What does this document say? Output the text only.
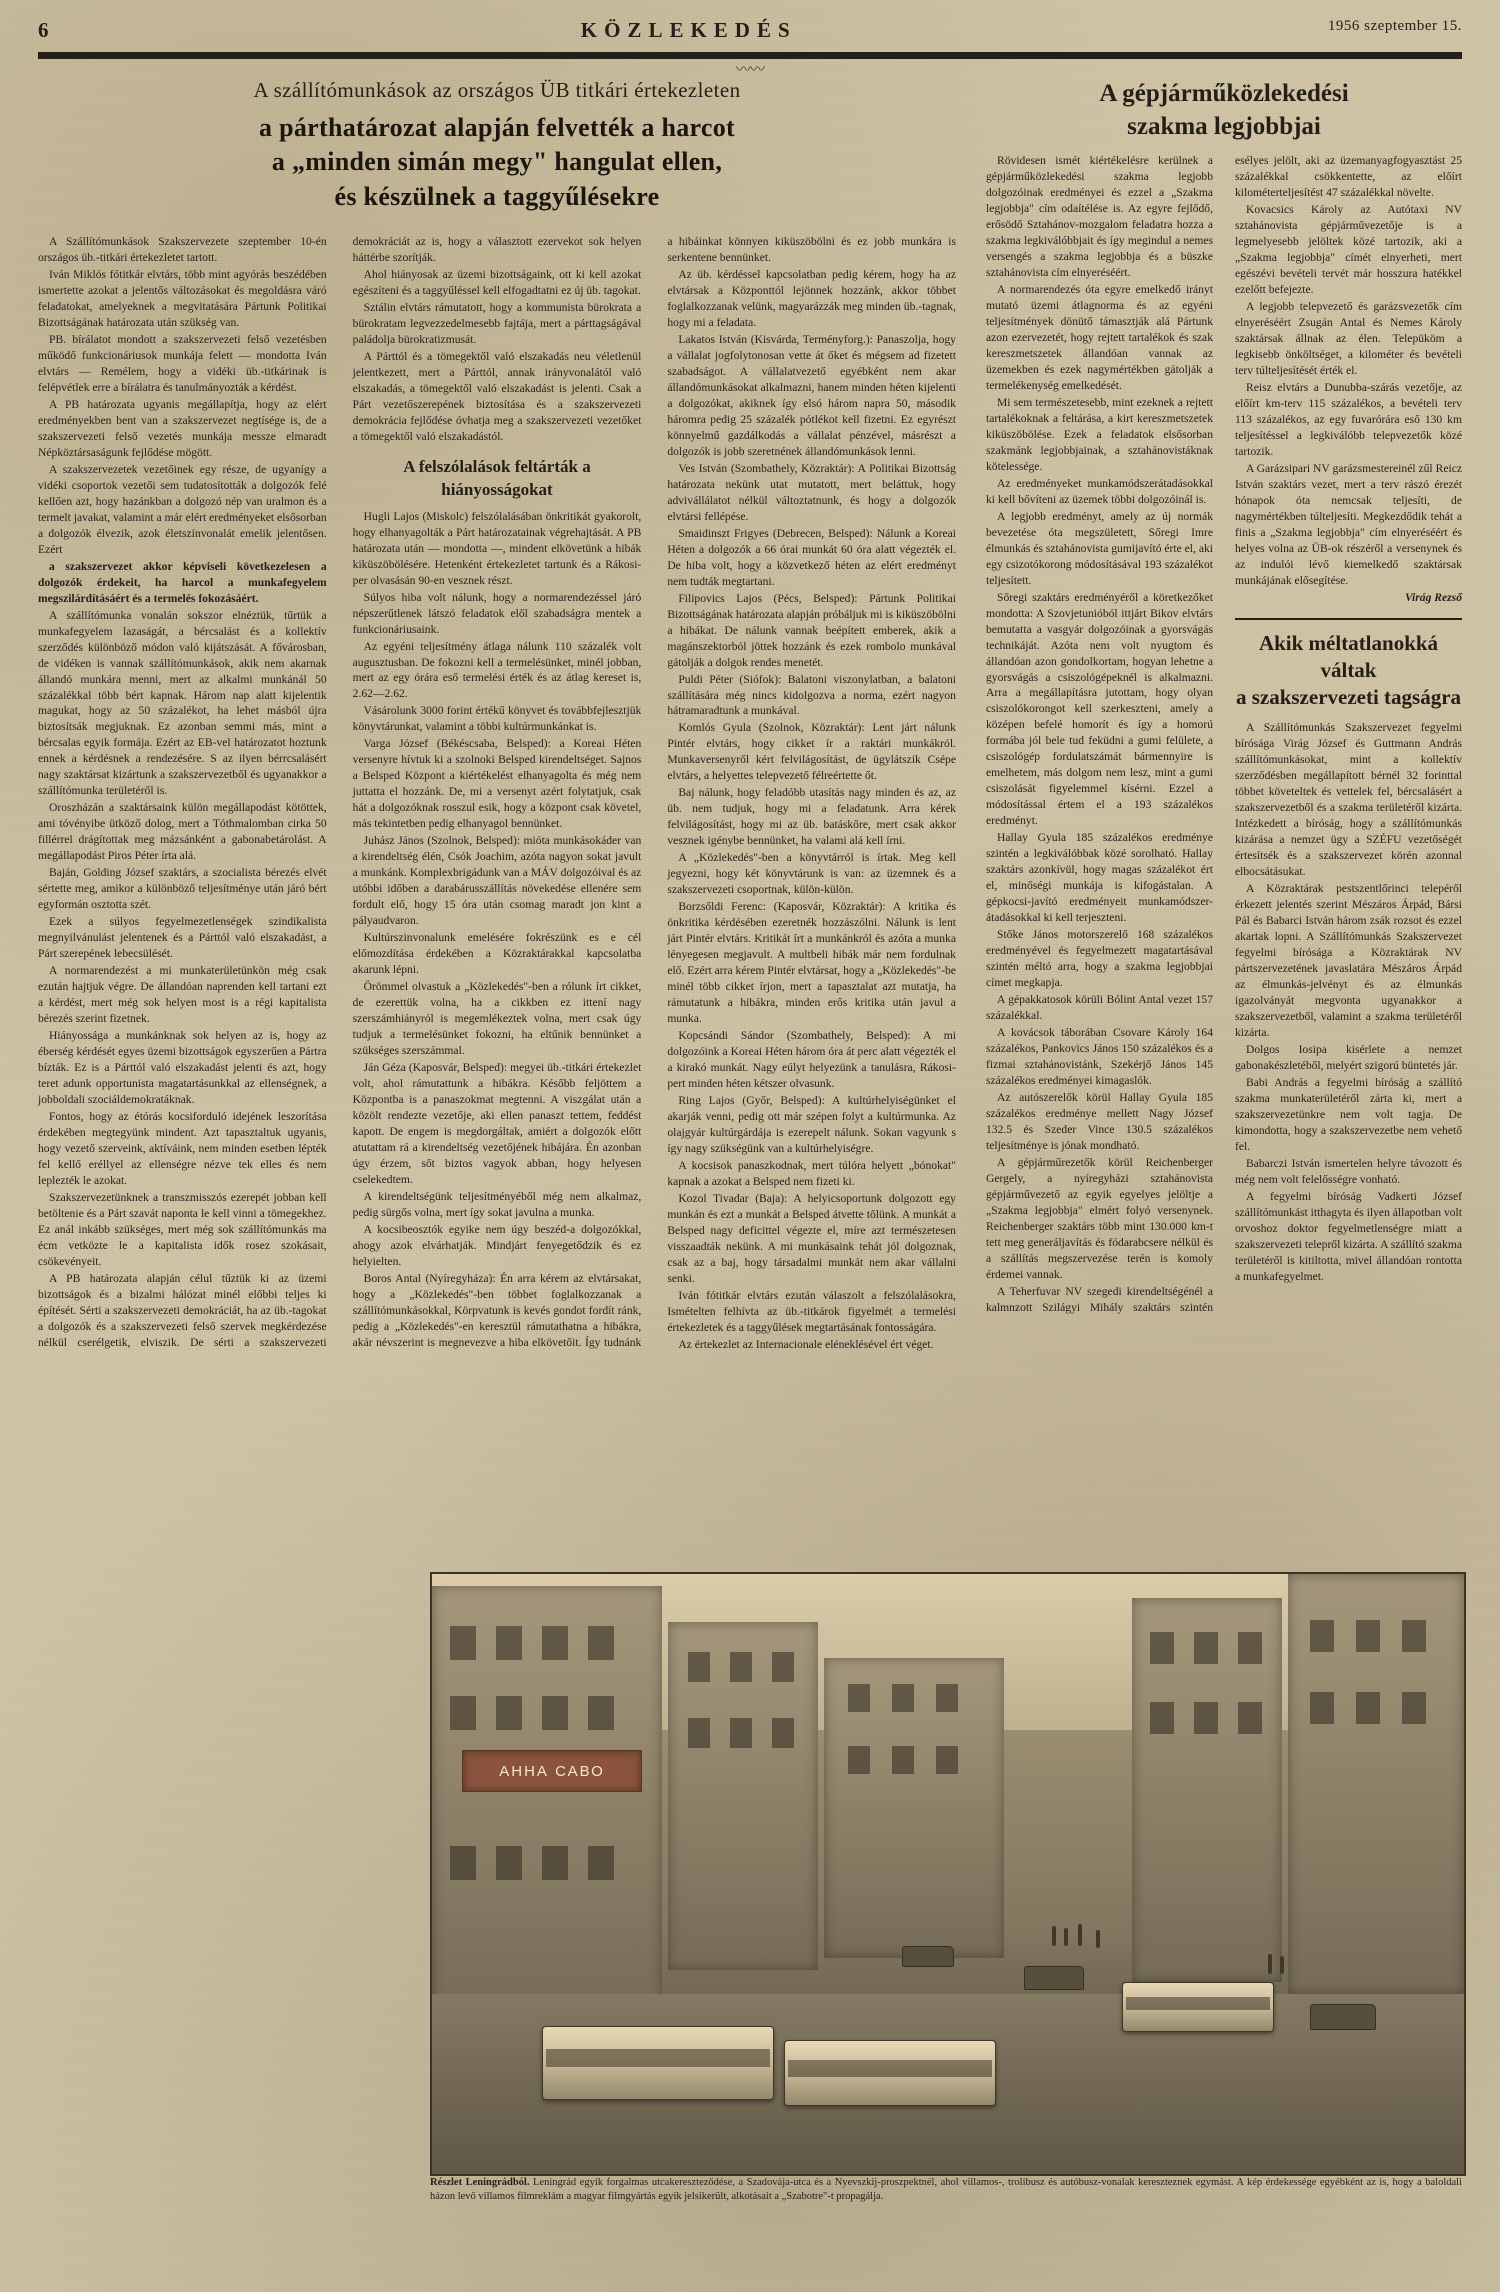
6	KÖZLEKEDÉS	1956 szeptember 15.
〰〰
A szállítómunkások az országos ÜB titkári értekezleten
a párthatározat alapján felvették a harcot
a „minden simán megy" hangulat ellen,
és készülnek a taggyűlésekre

A Szállítómunkások Szakszervezete szeptember 10-én országos üb.-titkári értekezletet tartott.

Iván Miklós fótitkár elvtárs, több mint agyórás beszédében ismertette azokat a jelentős változásokat és megoldásra váró feladatokat, amelyeknek a megvitatására Pártunk Politikai Bizottságának határozata után szükség van.

PB. bírálatot mondott a szakszervezeti felső vezetésben működő funkcionáriusok munkája felett — mondotta Iván elvtárs — Remélem, hogy a vidéki üb.-titkárinak is felépvétlek erre a bírálatra és tanulmányozták a kérdést.

A PB határozata ugyanis megállapítja, hogy az elért eredményekben bent van a szakszervezet negtísége is, de a szakszervezeti felső vezetés munkája messze elmaradt Népköztársaságunk fejlődése mögött.

A szakszervezetek vezetőinek egy része, de ugyanígy a vidéki csoportok vezetői sem tudatosították a dolgozók felé kellően azt, hogy hazánkban a dolgozó nép van uralmon és a termelt javakat, valamint a már elért eredményeket elsősorban a dolgozók élvezik, azok életszínvonalát emelik jelentősen. Ezért

a szakszervezet akkor képviseli következelesen a dolgozók érdekeit, ha harcol a munkafegyelem megszilárdításáért és a termelés fokozásáért.

A szállítómunka vonalán sokszor elnéztük, tűrtük a munkafegyelem lazaságát, a bércsalást és a kollektív szerződés különböző módon való kijátszását. A fővárosban, de vidéken is vannak szállítómunkások, akik nem akarnak állandó munkára menni, mert az alkalmi munkánál 50 százalékkal több bért kapnak. Három nap alatt kijelentik magukat, hogy az 50 százalékot, ha lehet másból újra biztosítsák megjuknak. Ez azonban semmi más, mint a bércsalas egyik formája. Ezért az EB-vel határozatot hoztunk ennek a kérdésnek a rendezésére. S az ilyen bérrcsalásért nagy szaktársat kizártunk a szakszervezetből és ugyanakkor a szállítómunka területéről is.

Oroszházán a szaktársaink külön megállapodást kötöttek, ami tóvényibe ütköző dolog, mert a Tóthmalomban cirka 50 fillérrel drágítottak meg mázsánként a gabonabetárolást. A megállapodást Piros Péter írta alá.

Baján, Golding József szaktárs, a szocialista bérezés elvét sértette meg, amikor a különböző teljesítménye után járó bért egyformán osztotta szét.

Ezek a súlyos fegyelmezetlenségek szindikalista megnyilvánulást jelentenek és a Párttól való elszakadást, a Párt szerepének lebecsülését.

A normarendezést a mi munkaterületünkön még csak ezután hajtjuk végre. De állandóan naprenden kell tartani ezt a kérdést, mert még sok helyen most is a régi kapitalista bérezés szerint fizetnek.

Hiányossága a munkánknak sok helyen az is, hogy az éberség kérdését egyes üzemi bizottságok egyszerűen a Pártra bízták. Ez is a Párttól való elszakadást jelenti és azt, hogy teret adunk opportunista magatartásunkkal az ellenségnek, a jobboldali szociáldemokratáknak.

Fontos, hogy az étórás kocsiforduló idejének leszorítása érdekében megtegyünk mindent. Azt tapasztaltuk ugyanis, hogy vezető szerveink, aktíváink, nem minden esetben lépték fel kellő eréllyel az ellenségre nézve tek elles és nem leplezték le azokat.

Szakszervezetünknek a transzmisszós ezerepét jobban kell betöltenie és a Párt szavát naponta le kell vinni a tömegekhez. Ez anál inkább szükséges, mert még sok szállítómunkás ma écm vetközte le a kapitalista idők rosez szokásait, csökevényeit.

A PB határozata alapján célul tűztük ki az üzemi bizottságok és a bizalmi hálózat minél előbbi teljes ki építését. Sérti a szakszervezeti demokráciát, ha az üb.-tagokat a dolgozók és a szakszervezeti felső szervek megkérdezése nélkül cserélgetik, elviszik. De sérti a szakszervezeti demokráciát az is, hogy a választott ezervekot sok helyen háttérbe szorítják.

Ahol hiányosak az üzemi bizottságaink, ott ki kell azokat egészíteni és a taggyűléssel kell elfogadtatni ez új üb. tagokat.

Sztálin elvtárs rámutatott, hogy a kommunista bürokrata a bürokratam legvezzedelmesebb fajtája, mert a párttagságával paládolja bürokratizmusát.

A Párttól és a tömegektől való elszakadás neu véletlenül jelentkezett, mert a Párttól, annak irányvonalától való elszakadás, a tömegektől való elszakadást is jelenti. Csak a Párt vezetőszerepének biztosítása és a szakszervezeti demokrácia fejlődése óvhatja meg a szakszervezeti vezetőket a tömegektől való elszakadástól.

A felszólalások feltárták a hiányosságokat

Hugli Lajos (Miskolc) felszólalásában önkritikát gyakorolt, hogy elhanyagolták a Párt határozatainak végrehajtását. A PB határozata után — mondotta —, mindent elkövetünk a hibák kiküszöbölésére. Hetenként értekezletet tartunk és a Rákosi-per olvasásán 90-en vesznek részt.

Súlyos hiba volt nálunk, hogy a normarendezéssel járó népszerűtlenek látszó feladatok elől szabadságra mentek a funkcionáriusaink.

Az egyéni teljesítmény átlaga nálunk 110 százalék volt augusztusban. De fokozni kell a termelésünket, minél jobban, mert az egy órára eső termelési érték és az átlag kereset is, 2.62—2.62.

Vásárolunk 3000 forint értékű könyvet és továbbfejlesztjük könyvtárunkat, valamint a többi kultúrmunkánkat is.

Varga József (Békéscsaba, Belsped): a Koreai Héten versenyre hívtuk ki a szolnoki Belsped kirendeltséget. Sajnos a Belsped Központ a kiértékelést elhanyagolta és még nem juttatta el hozzánk. De, mi a versenyt azért folytatjuk, csak hát a dolgozóknak rosszul esik, hogy a központ csak követel, más tekintetben pedig elhanyagol bennünket.

Juhász János (Szolnok, Belsped): mióta munkásokáder van a kirendeltség élén, Csók Joachim, azóta nagyon sokat javult a munkánk. Komplexbrigádunk van a MÁV dolgozóival és az utóbbi időben a darabárusszállítás növekedése ellenére sem fordult elő, hogy 15 óra után csomag maradt jon kint a pályaudvaron.

Kultúrszinvonalunk emelésére fokrészünk es e cél előmozdítása érdekében a Közraktárakkal kapcsolatba akarunk lépni.

Örömmel olvastuk a „Közlekedés"-ben a rólunk írt cikket, de ezerettük volna, ha a cikkben ez ittení nagy szerszámhiányról is megemlékeztek volna, mert csak úgy tudjuk a termelésünket fokozni, ha eltűnik bennünket a szükséges szerszámmal.

Ján Géza (Kaposvár, Belsped): megyei üb.-titkári értekezlet volt, ahol rámutattunk a hibákra. Később feljöttem a Központba is a panaszokmat megtenni. A viszgálat után a közölt rendezte vezetője, aki ellen panaszt tettem, feddést kapott. De engem is megdorgáltak, amiért a dolgozók előtt atutattam rá a kirendeltség vezetőjének hibájára. Én azonban úgy érzem, sőt biztos vagyok abban, hogy helyesen cselekedtem.

A kirendeltségünk teljesítményéből még nem alkalmaz, pedig sürgős volna, mert így sokat javulna a munka.

A kocsibeosztók egyike nem úgy beszéd-a dolgozókkal, ahogy azok elvárhatják. Mindjárt fenyegetődzik és ez helyielten.

Boros Antal (Nyíregyháza): Én arra kérem az elvtársakat, hogy a „Közlekedés"-ben többet foglalkozzanak a szállítómunkásokkal, Körpvatunk is kevés gondot fordít ránk, pedig a „Közlekedés"-en keresztül rámutathatna a hibákra, akár névszerint is megnevezve a hiba elkövetőit. Így tudnánk a hibáinkat könnyen kiküszöbölni és ez jobb munkára is serkentene bennünket.

Az üb. kérdéssel kapcsolatban pedig kérem, hogy ha az elvtársak a Központtól lejönnek hozzánk, akkor többet foglalkozzanak velünk, magyarázzák meg minden üb.-tagnak, hogy mi a feladata.

Lakatos István (Kisvárda, Terményforg.): Panaszolja, hogy a vállalat jogfolytonosan vette át őket és mégsem ad fizetett szabadságot. A vállalatvezető egyébként nem akar állandómunkásokat alkalmazni, hanem minden héten kijelenti a dolgozókat, akiknek így elsó három napra 50, második háromra pedig 25 százalék pótlékot kell fizetni. Ez egyrészt könnyelmű gazdálkodás a vállalat pénzével, másrészt a dolgozók is jobb szeretnének állandómunkások lenni.

Ves István (Szombathely, Közraktár): A Politikai Bizottság határozata nekünk utat mutatott, mert beláttuk, hogy advivállálatot nélkül változtatnunk, és hogy a dolgozók elvtársi fellépése.

Smaidinszt Frigyes (Debrecen, Belsped): Nálunk a Koreai Héten a dolgozók a 66 órai munkát 60 óra alatt végezték el. De hiba volt, hogy a közvetkező héten az elért eredményt nem tudták megtartani.

Filipovics Lajos (Pécs, Belsped): Pártunk Politikai Bizottságának határozata alapján próbáljuk mi is kiküszöbölni a hibákat. De nálunk vannak beépített emberek, akik a magánszektorból jöttek hozzánk és ezek rombolo munkával gátolják a dolgok rendes menetét.

Puldi Péter (Siófok): Balatoni viszonylatban, a balatoni szállítására még nincs kidolgozva a norma, ezért nagyon hátramaradtunk a munkával.

Komlós Gyula (Szolnok, Közraktár): Lent járt nálunk Pintér elvtárs, hogy cikket ír a raktári munkákról. Munkaversenyről kért felvilágosítást, de ügylátszik Csépe elvtárs, a helyettes telepvezető félreértette őt.

Baj nálunk, hogy feladóbb utasítás nagy minden és az, az üb. nem tudjuk, hogy mi a feladatunk. Arra kérek felvilágosítást, hogy mi az üb. batáskőre, mert csak akkor vesznek igénybe bennünket, ha valami alá kell írni.

A „Közlekedés"-ben a könyvtárról is írtak. Meg kell jegyezni, hogy két könyvtárunk is van: az üzemnek és a szakszervezeti csoportnak, külön-külön.

Borzsőldi Ferenc: (Kaposvár, Közraktár): A kritika és önkritika kérdésében ezeretnék hozzászólni. Nálunk is lent járt Pintér elvtárs. Kritikát írt a munkánkról és azóta a munka lényegesen megjavult. A multbeli hibák már nem fordulnak elő. Ezért arra kérem Pintér elvtársat, hogy a „Közlekedés"-be minél több cikket írjon, mert a tapasztalat azt mutatja, ha rámutatunk a hibákra, minden erős kritika után javul a munka.

Kopcsándi Sándor (Szombathely, Belsped): A mi dolgozóink a Koreai Héten három óra át perc alatt végezték el a kirakó munkát. Nagy eúlyt helyezünk a tanulásra, Rákosi-pert minden héten kétszer olvasunk.

Ring Lajos (Győr, Belsped): A kultúrhelyiségünket el akarják venni, pedig ott már szépen folyt a kultúrmunka. Az olajgyár kultúrgárdája is ezerepelt nálunk. Sokan vagyunk s így nagy szükségünk van a kultúrhelyiségre.

A kocsisok panaszkodnak, mert túlóra helyett „bónokat" kapnak a azokat a Belsped nem fizeti ki.

Kozol Tivadar (Baja): A helyicsoportunk dolgozott egy munkán és ezt a munkát a Belsped átvette tőlünk. A munkát a Belsped nagy deficittel végezte el, míre azt természetesen visszaadták nekünk. A mi munkásaink tehát jól dolgoznak, csak az a baj, hogy társadalmi munkát nem akar vállalni senki.

Iván fótitkár elvtárs ezután válaszolt a felszólalásokra, Ismételten felhívta az üb.-titkárok figyelmét a termelési értekezletek és a taggyűlések megtartásának fontosságára.

Az értekezlet az Internacionale eléneklésével ért véget.

A gépjárműközlekedési
szakma legjobbjai

Rövidesen ismét kiértékelésre kerülnek a gépjárműközlekedési szakma legjobb dolgozóinak eredményei és ezzel a „Szakma legjobbja" cím odaítélése is. Az egyre fejlődő, erősödő Sztahánov-mozgalom feladatra hozza a szakma legkiválóbbjait és így megindul a nemes versengés a szakma legjobbja és a büszke sztahánovista cím elnyeréséért.

A normarendezés óta egyre emelkedő irányt mutató üzemi átlagnorma és az egyéni teljesítmények dönütő támasztják alá Pártunk azon ezervezetét, hogy rejtett tartalékok és szak kereszmetszetek állandóan vannak az üzemekben és ezek nagymértékben gátolják a termelékenység emelkedését.

Mi sem természetesebb, mint ezeknek a rejtett tartalékoknak a feltárása, a kirt kereszmetszetek kiküszöbölése. Ezek a feladatok elsősorban szakmánk legjobbjainak, a sztahánovistáknak kötelessége.

Az eredményeket munkamódszerátadásokkal ki kell bővíteni az üzemek többi dolgozóinál is.

A legjobb eredményt, amely az új normák bevezetése óta megszületett, Sőregi Imre élmunkás és sztahánovista gumijavító érte el, aki egy csizotókorong módosításával 193 százalékot teljesített.

Sőregi szaktárs eredményéről a köretkezőket mondotta: A Szovjetunióból ittjárt Bikov elvtárs bemutatta a vasgyár dolgozóinak a gyorsvágás technikáját. Azóta nem volt nyugtom és állandóan azon gondolkortam, hogyan lehetne a gyorsvágás a csiszológépeknél is alkalmazni. Arra a megállapításra jutottam, hogy olyan csiszolókorongot kell szerkeszteni, amely a középen befelé homorít és így a homorú formába jól bele tud feküdni a gumi felülete, a csiszológép fordulatszámát bármennyire is emelhetem, más dolgom nem lesz, mint a gumi csiszolását figyelemmel kísérni. Ezzel a módosítással értem el a 193 százalékos eredményt.

Hallay Gyula 185 százalékos eredménye szintén a legkiválóbbak közé sorolható. Hallay szaktárs azonkívül, hogy magas százalékot ért el, minőségi munkája is kifogástalan. A gépkocsi-javító eredményeit munkamódszer-átadásokkal ki kell terjeszteni.

Stőke János motorszerelő 168 százalékos eredményével és fegyelmezett magatartásával szintén méltó arra, hogy a szakma legjobbjai címet megkapja.

A gépakkatosok körüli Bólint Antal vezet 157 százalékkal.

A kovácsok táborában Csovare Károly 164 százalékos, Pankovics János 150 százalékos és a fizmai sztahánovistánk, Szekérjő János 145 százalékos eredményei kimagaslók.

Az autószerelők körül Hallay Gyula 185 százalékos eredménye mellett Nagy József 132.5 és Szeder Vince 130.5 százalékos teljesítménye is jónak mondható.

A gépjárműrezetők körül Reichenberger Gergely, a nyíregyházi sztahánovista gépjárművezető az egyik egyelyes jelöltje a „Szakma legjobbja" elmért folyó versenynek. Reichenberger szaktárs több mint 130.000 km-t tett meg generáljavítás és fódarabcsere nélkül és a szállítás megszervezése terén is komoly érdemei vannak.

A Teherfuvar NV szegedi kirendeltségénél a kalmnzott Szilágyi Mihály szaktárs szintén esélyes jelölt, aki az üzemanyagfogyasztást 25 százalékkal csökkentette, az előírt kilométerteljesítést 47 százalékkal növelte.

Kovacsics Károly az Autótaxi NV sztahánovista gépjárművezetője is a legmelyesebb jelöltek közé tartozik, aki a „Szakma legjobbja" címét elnyerheti, mert egészévi bevételi tervét már hosszura hatékkel ezelőtt befejezte.

A legjobb telepvezető és garázsvezetők cím elnyeréséért Zsugán Antal és Nemes Károly szaktársak állnak az élen. Telepüköm a legkisebb önköltséget, a kilométer és bevételi terv túlteljesítését érték el.

Reisz elvtárs a Dunubba-szárás vezetője, az előírt km-terv 115 százalékos, a bevételi terv 113 százalékos, az egy fuvarórára eső 130 km teljesítéssel a legkiválóbb telepvezetők közé tartozik.

A Garázsipari NV garázsmestereinél zűl Reicz István szaktárs vezet, mert a terv rászó érezét hónapok óta nemcsak teljesíti, de nagymértékben túlteljesíti. Megkezdődik tehát a finis a „Szakma legjobbja" cím elnyeréséért és helyes volna az ÜB-ok részéről a versenynek és az indulói lévő kiemelkedő szaktársak munkájának elősegítése.

Virág Rezső

Akik méltatlanokká váltak
a szakszervezeti tagságra

A Szállítómunkás Szakszervezet fegyelmi bírósága Virág József és Guttmann András szállítómunkásokat, mint a kollektív szerződésben megállapított bérnél 32 forinttal többet követeltek és vettelek fel, bércsalásért a szakszervezetből és a szakma területéről kizárta. Intézkedett a bíróság, hogy a szállítómunkás kizárása a nemzet ügy a SZÉFU vezetőségét értesítsék és a szakszervezet körén azonnal elbocsátásukat.

A Közraktárak pestszentlőrinci telepéről érkezett jelentés szerint Mészáros Árpád, Bársi Pál és Babarci István három zsák rozsot és ezzel akartak lopni. A Szállítómunkás Szakszervezet fegyelmi bírósága a Közraktárak NV pártszervezetének javaslatára Mészáros Árpád az élmunkás-jelvényt és az élmunkás igazolványát megvonta ugyanakkor a szakszervezetből, valamint a szakma területéről kizárta.

Dolgos Iosipa kisérlete a nemzet gabonakészletéből, melyért szigorú büntetés jár.

Babi András a fegyelmi bíróság a szállító szakma munkaterületéről zárta ki, mert a szakszervezetünkre nem volt tagja. De kimondotta, hogy a szakszervezetbe nem vehető fel.

Babarczi István ismertelen helyre távozott és még nem volt felelősségre vonható.

A fegyelmi bíróság Vadkerti József szállítómunkást itthagyta és ilyen állapotban volt orvoshoz doktor fegyelmetlenségre miatt a szakszervezeti telepről kizárta. A szállító szakma területéről is kitiltotta, mivel állandóan rontotta a munkafegyelmet.

АННА САВО
Részlet Leningrádból. Leningrád egyik forgalmas utcakereszteződése, a Szadovája-utca és a Nyevszkij-proszpektnél, ahol villamos-, trolibusz és autóbusz-vonalak kereszteznek egymást. A kép érdekessége egyébként az is, hogy a baloldali házon levő villamos filmreklám a magyar filmgyártás egyik jelsikerült, alkotásait a „Szabotre"-t propagálja.
